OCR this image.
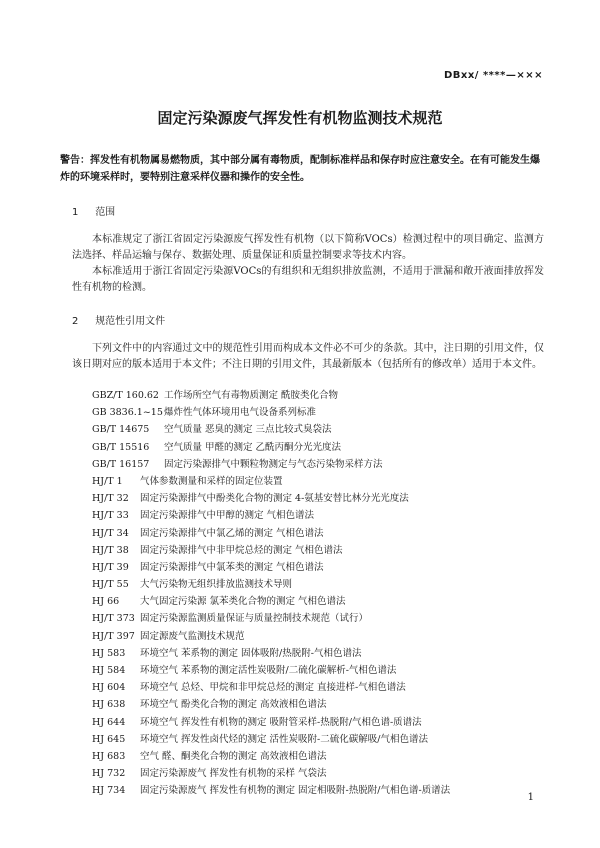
DBxx/ ****—×××
固定污染源废气挥发性有机物监测技术规范
警告：挥发性有机物属易燃物质，其中部分属有毒物质，配制标准样品和保存时应注意安全。在有可能发生爆炸的环境采样时，要特别注意采样仪器和操作的安全性。
1 范围
本标准规定了浙江省固定污染源废气挥发性有机物（以下简称VOCs）检测过程中的项目确定、监测方法选择、样品运输与保存、数据处理、质量保证和质量控制要求等技术内容。
本标准适用于浙江省固定污染源VOCs的有组织和无组织排放监测，不适用于泄漏和敞开液面排放挥发性有机物的检测。
2 规范性引用文件
下列文件中的内容通过文中的规范性引用而构成本文件必不可少的条款。其中，注日期的引用文件，仅该日期对应的版本适用于本文件；不注日期的引用文件，其最新版本（包括所有的修改单）适用于本文件。
GBZ/T 160.62 工作场所空气有毒物质测定 酰胺类化合物
GB 3836.1~15爆炸性气体环境用电气设备系列标准
GB/T 14675 空气质量 恶臭的测定 三点比较式臭袋法
GB/T 15516 空气质量 甲醛的测定 乙酰丙酮分光光度法
GB/T 16157 固定污染源排气中颗粒物测定与气态污染物采样方法
HJ/T 1 气体参数测量和采样的固定位装置
HJ/T 32 固定污染源排气中酚类化合物的测定 4-氨基安替比林分光光度法
HJ/T 33 固定污染源排气中甲醇的测定 气相色谱法
HJ/T 34 固定污染源排气中氯乙烯的测定 气相色谱法
HJ/T 38 固定污染源排气中非甲烷总烃的测定 气相色谱法
HJ/T 39 固定污染源排气中氯苯类的测定 气相色谱法
HJ/T 55 大气污染物无组织排放监测技术导则
HJ 66 大气固定污染源 氯苯类化合物的测定 气相色谱法
HJ/T 373 固定污染源监测质量保证与质量控制技术规范（试行）
HJ/T 397 固定源废气监测技术规范
HJ 583 环境空气 苯系物的测定 固体吸附/热脱附-气相色谱法
HJ 584 环境空气 苯系物的测定活性炭吸附/二硫化碳解析-气相色谱法
HJ 604 环境空气 总烃、甲烷和非甲烷总烃的测定 直接进样-气相色谱法
HJ 638 环境空气 酚类化合物的测定 高效液相色谱法
HJ 644 环境空气 挥发性有机物的测定 吸附管采样-热脱附/气相色谱-质谱法
HJ 645 环境空气 挥发性卤代烃的测定 活性炭吸附-二硫化碳解吸/气相色谱法
HJ 683 空气 醛、酮类化合物的测定 高效液相色谱法
HJ 732 固定污染源废气 挥发性有机物的采样 气袋法
HJ 734 固定污染源废气 挥发性有机物的测定 固定相吸附-热脱附/气相色谱-质谱法
1
